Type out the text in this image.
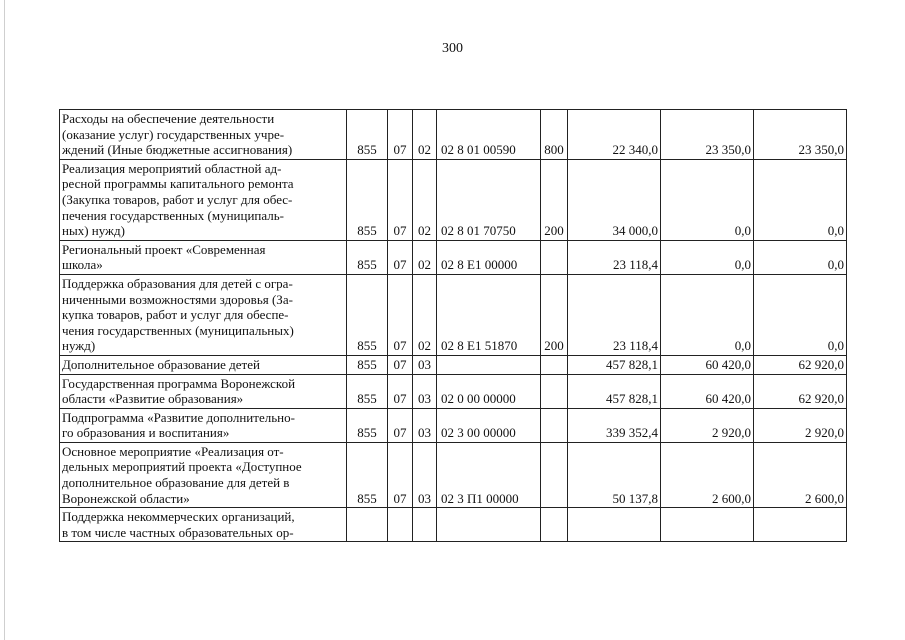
300
Расходы на обеспечение деятельности
(оказание услуг) государственных учре-
ждений (Иные бюджетные ассигнования)	855	07	02	02 8 01 00590	800	22 340,0	23 350,0	23 350,0

Реализация мероприятий областной ад-
ресной программы капитального ремонта
(Закупка товаров, работ и услуг для обес-
печения государственных (муниципаль-
ных) нужд)	855	07	02	02 8 01 70750	200	34 000,0	0,0	0,0

Региональный проект «Современная
школа»	855	07	02	02 8 E1 00000		23 118,4	0,0	0,0

Поддержка образования для детей с огра-
ниченными возможностями здоровья (За-
купка товаров, работ и услуг для обеспе-
чения государственных (муниципальных)
нужд)	855	07	02	02 8 E1 51870	200	23 118,4	0,0	0,0

Дополнительное образование детей	855	07	03			457 828,1	60 420,0	62 920,0

Государственная программа Воронежской
области «Развитие образования»	855	07	03	02 0 00 00000		457 828,1	60 420,0	62 920,0

Подпрограмма «Развитие дополнительно-
го образования и воспитания»	855	07	03	02 3 00 00000		339 352,4	2 920,0	2 920,0

Основное мероприятие «Реализация от-
дельных мероприятий проекта «Доступное
дополнительное образование для детей в
Воронежской области»	855	07	03	02 3 П1 00000		50 137,8	2 600,0	2 600,0

Поддержка некоммерческих организаций,
в том числе частных образовательных ор-								
